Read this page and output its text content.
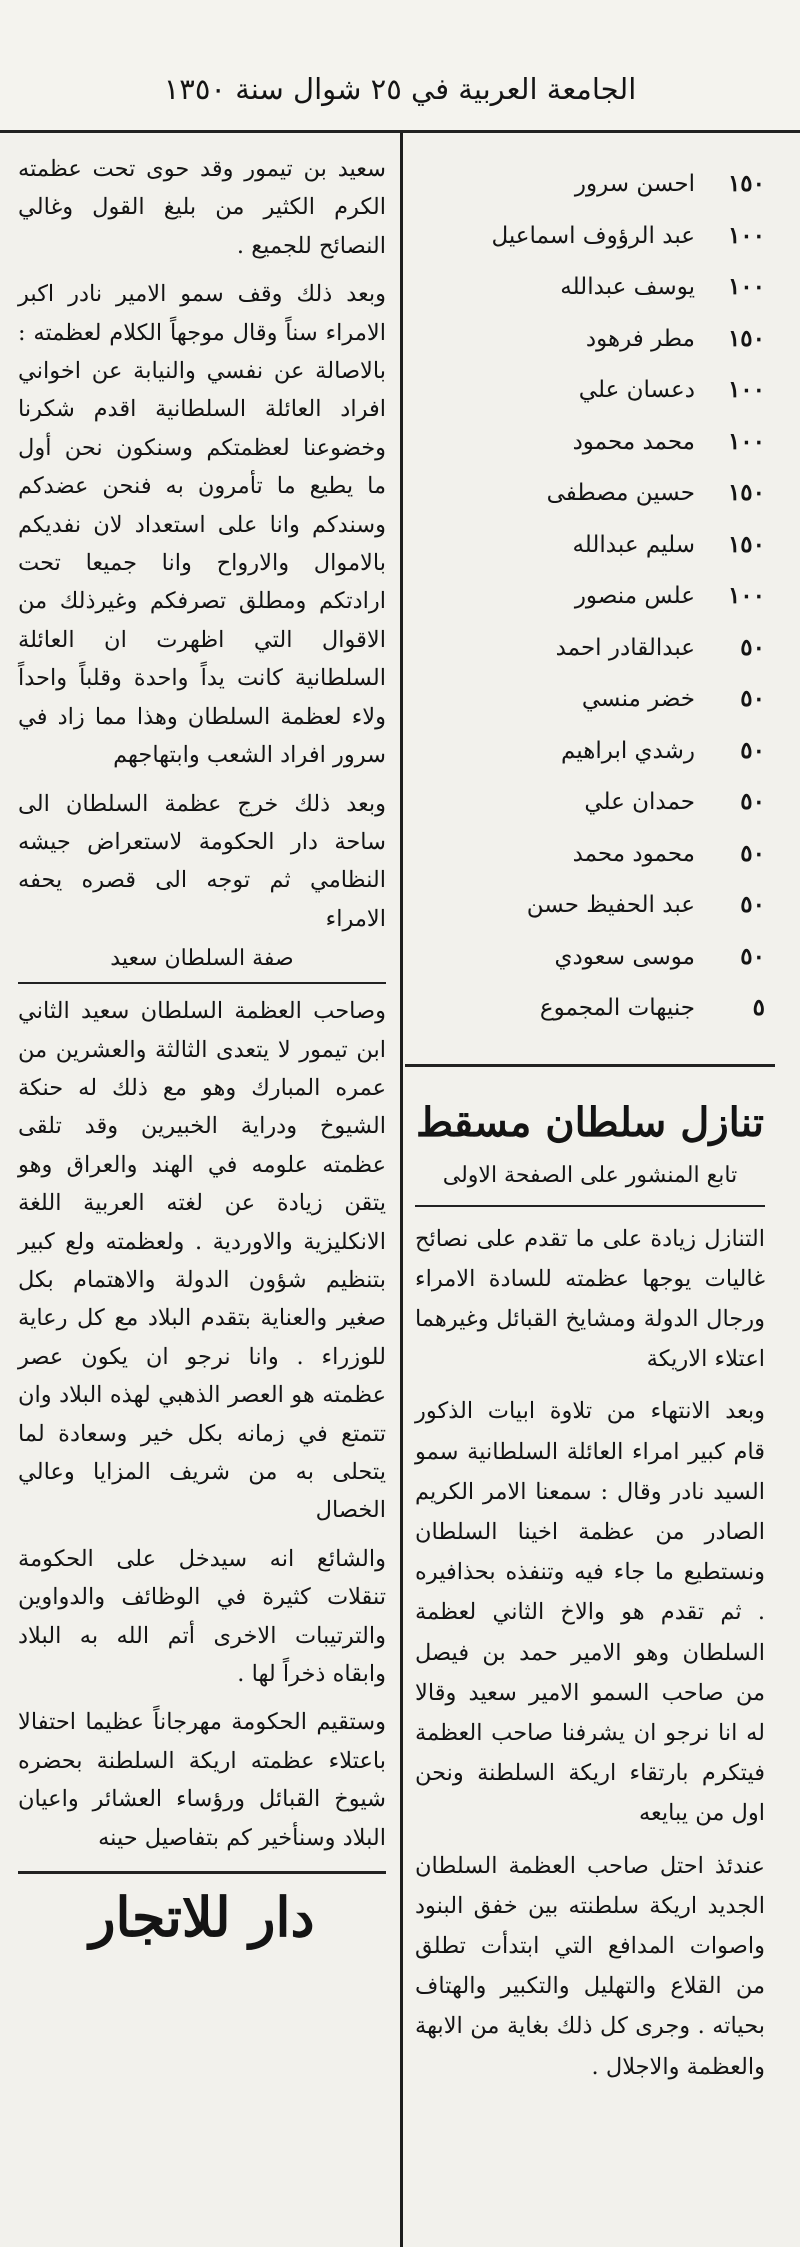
الجامعة العربية في ٢٥ شوال سنة ١٣٥٠

سعيد بن تيمور وقد حوى تحت عظمته الكرم الكثير من بليغ القول وغالي النصائح للجميع .

وبعد ذلك وقف سمو الامير نادر اكبر الامراء سناً وقال موجهاً الكلام لعظمته : بالاصالة عن نفسي والنيابة عن اخواني افراد العائلة السلطانية اقدم شكرنا وخضوعنا لعظمتكم وسنكون نحن أول ما يطيع ما تأمرون به فنحن عضدكم وسندكم وانا على استعداد لان نفديكم بالاموال والارواح وانا جميعا تحت ارادتكم ومطلق تصرفكم وغيرذلك من الاقوال التي اظهرت ان العائلة السلطانية كانت يداً واحدة وقلباً واحداً ولاء لعظمة السلطان وهذا مما زاد في سرور افراد الشعب وابتهاجهم

وبعد ذلك خرج عظمة السلطان الى ساحة دار الحكومة لاستعراض جيشه النظامي ثم توجه الى قصره يحفه الامراء

صفة السلطان سعيد

وصاحب العظمة السلطان سعيد الثاني ابن تيمور لا يتعدى الثالثة والعشرين من عمره المبارك وهو مع ذلك له حنكة الشيوخ ودراية الخبيرين وقد تلقى عظمته علومه في الهند والعراق وهو يتقن زيادة عن لغته العربية اللغة الانكليزية والاوردية . ولعظمته ولع كبير بتنظيم شؤون الدولة والاهتمام بكل صغير والعناية بتقدم البلاد مع كل رعاية للوزراء . وانا نرجو ان يكون عصر عظمته هو العصر الذهبي لهذه البلاد وان تتمتع في زمانه بكل خير وسعادة لما يتحلى به من شريف المزايا وعالي الخصال

والشائع انه سيدخل على الحكومة تنقلات كثيرة في الوظائف والدواوين والترتيبات الاخرى أتم الله به البلاد وابقاه ذخراً لها .

وستقيم الحكومة مهرجاناً عظيما احتفالا باعتلاء عظمته اريكة السلطنة بحضره شيوخ القبائل ورؤساء العشائر واعيان البلاد وسنأخير كم بتفاصيل حينه

دار للاتجار
١٥٠
احسن سرور
١٠٠
عبد الرؤوف اسماعيل
١٠٠
يوسف عبدالله
١٥٠
مطر فرهود
١٠٠
دعسان علي
١٠٠
محمد محمود
١٥٠
حسين مصطفى
١٥٠
سليم عبدالله
١٠٠
علس منصور
٥٠
عبدالقادر احمد
٥٠
خضر منسي
٥٠
رشدي ابراهيم
٥٠
حمدان علي
٥٠
محمود محمد
٥٠
عبد الحفيظ حسن
٥٠
موسى سعودي
٥
جنيهات المجموع
تنازل سلطان مسقط
تابع المنشور على الصفحة الاولى

التنازل زيادة على ما تقدم على نصائح غاليات يوجها عظمته للسادة الامراء ورجال الدولة ومشايخ القبائل وغيرهما اعتلاء الاريكة

وبعد الانتهاء من تلاوة ابيات الذكور قام كبير امراء العائلة السلطانية سمو السيد نادر وقال : سمعنا الامر الكريم الصادر من عظمة اخينا السلطان ونستطيع ما جاء فيه وتنفذه بحذافيره . ثم تقدم هو والاخ الثاني لعظمة السلطان وهو الامير حمد بن فيصل من صاحب السمو الامير سعيد وقالا له انا نرجو ان يشرفنا صاحب العظمة فيتكرم بارتقاء اريكة السلطنة ونحن اول من يبايعه

عندئذ احتل صاحب العظمة السلطان الجديد اريكة سلطنته بين خفق البنود واصوات المدافع التي ابتدأت تطلق من القلاع والتهليل والتكبير والهتاف بحياته . وجرى كل ذلك بغاية من الابهة والعظمة والاجلال .
